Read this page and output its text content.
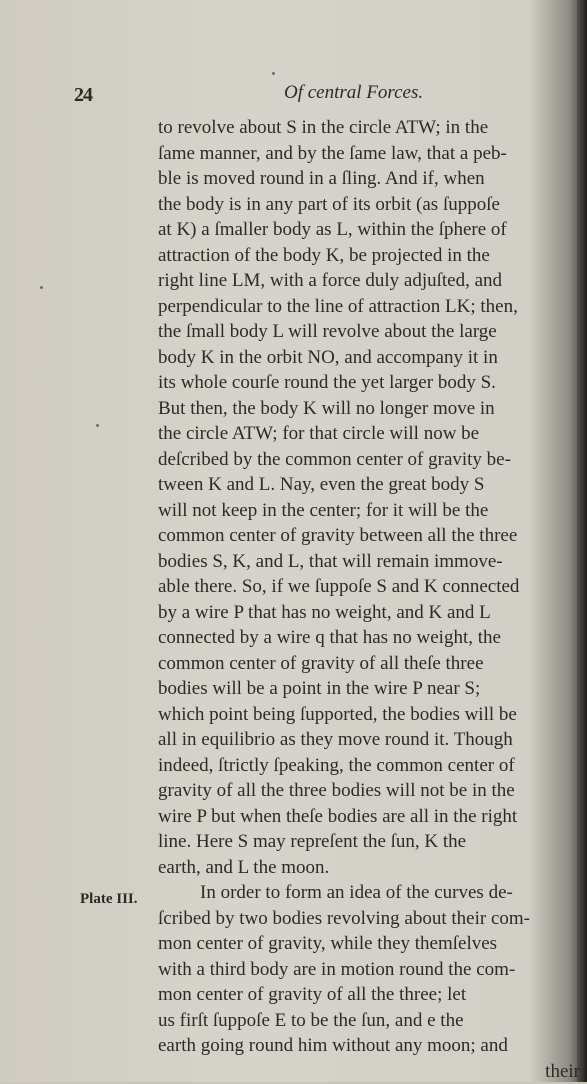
24	Of central Forces.
to revolve about S in the circle ATW; in the
ſame manner, and by the ſame law, that a peb-
ble is moved round in a ſling. And if, when
the body is in any part of its orbit (as ſuppoſe
at K) a ſmaller body as L, within the ſphere of
attraction of the body K, be projected in the
right line LM, with a force duly adjuſted, and
perpendicular to the line of attraction LK; then,
the ſmall body L will revolve about the large
body K in the orbit NO, and accompany it in
its whole courſe round the yet larger body S.
But then, the body K will no longer move in
the circle ATW; for that circle will now be
deſcribed by the common center of gravity be-
tween K and L. Nay, even the great body S
will not keep in the center; for it will be the
common center of gravity between all the three
bodies S, K, and L, that will remain immove-
able there. So, if we ſuppoſe S and K connected
by a wire P that has no weight, and K and L
connected by a wire q that has no weight, the
common center of gravity of all theſe three
bodies will be a point in the wire P near S;
which point being ſupported, the bodies will be
all in equilibrio as they move round it. Though
indeed, ſtrictly ſpeaking, the common center of
gravity of all the three bodies will not be in the
wire P but when theſe bodies are all in the right
line. Here S may repreſent the ſun, K the
earth, and L the moon.
In order to form an idea of the curves de-
ſcribed by two bodies revolving about their com-
mon center of gravity, while they themſelves
with a third body are in motion round the com-
mon center of gravity of all the three; let
us firſt ſuppoſe E to be the ſun, and e the
earth going round him without any moon; and
their
Plate III.
